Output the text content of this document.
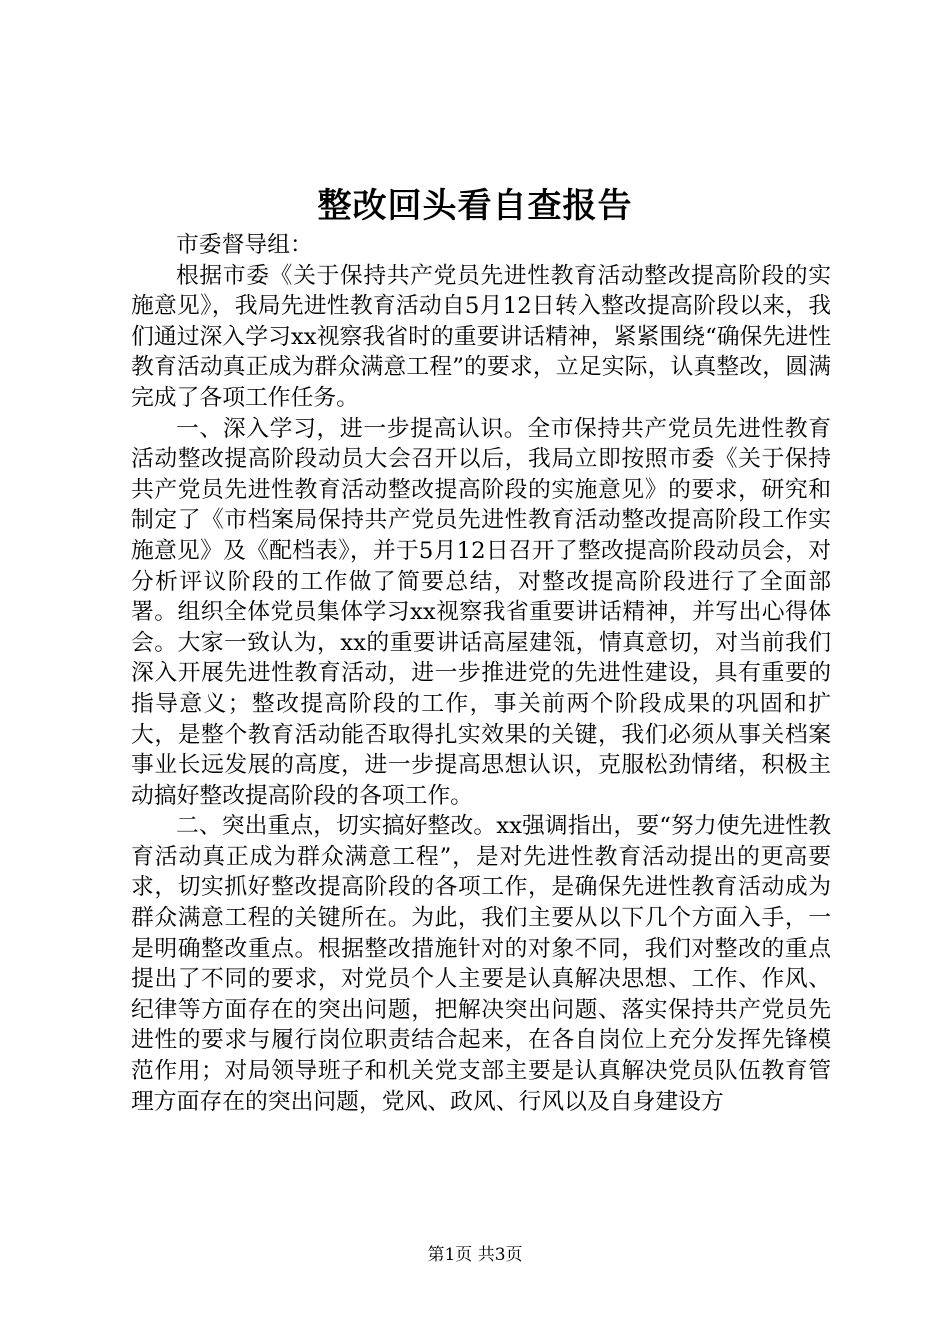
整改回头看自查报告

市委督导组：

根据市委《关于保持共产党员先进性教育活动整改提高阶段的实施意见》，我局先进性教育活动自5月12日转入整改提高阶段以来，我们通过深入学习xx视察我省时的重要讲话精神，紧紧围绕“确保先进性教育活动真正成为群众满意工程”的要求，立足实际，认真整改，圆满完成了各项工作任务。

一、深入学习，进一步提高认识。全市保持共产党员先进性教育活动整改提高阶段动员大会召开以后，我局立即按照市委《关于保持共产党员先进性教育活动整改提高阶段的实施意见》的要求，研究和制定了《市档案局保持共产党员先进性教育活动整改提高阶段工作实施意见》及《配档表》，并于5月12日召开了整改提高阶段动员会，对分析评议阶段的工作做了简要总结，对整改提高阶段进行了全面部署。组织全体党员集体学习xx视察我省重要讲话精神，并写出心得体会。大家一致认为，xx的重要讲话高屋建瓴，情真意切，对当前我们深入开展先进性教育活动，进一步推进党的先进性建设，具有重要的指导意义；整改提高阶段的工作，事关前两个阶段成果的巩固和扩大，是整个教育活动能否取得扎实效果的关键，我们必须从事关档案事业长远发展的高度，进一步提高思想认识，克服松劲情绪，积极主动搞好整改提高阶段的各项工作。

二、突出重点，切实搞好整改。xx强调指出，要“努力使先进性教育活动真正成为群众满意工程”，是对先进性教育活动提出的更高要求，切实抓好整改提高阶段的各项工作，是确保先进性教育活动成为群众满意工程的关键所在。为此，我们主要从以下几个方面入手，一是明确整改重点。根据整改措施针对的对象不同，我们对整改的重点提出了不同的要求，对党员个人主要是认真解决思想、工作、作风、纪律等方面存在的突出问题，把解决突出问题、落实保持共产党员先进性的要求与履行岗位职责结合起来，在各自岗位上充分发挥先锋模范作用；对局领导班子和机关党支部主要是认真解决党员队伍教育管理方面存在的突出问题，党风、政风、行风以及自身建设方

第1页 共3页
